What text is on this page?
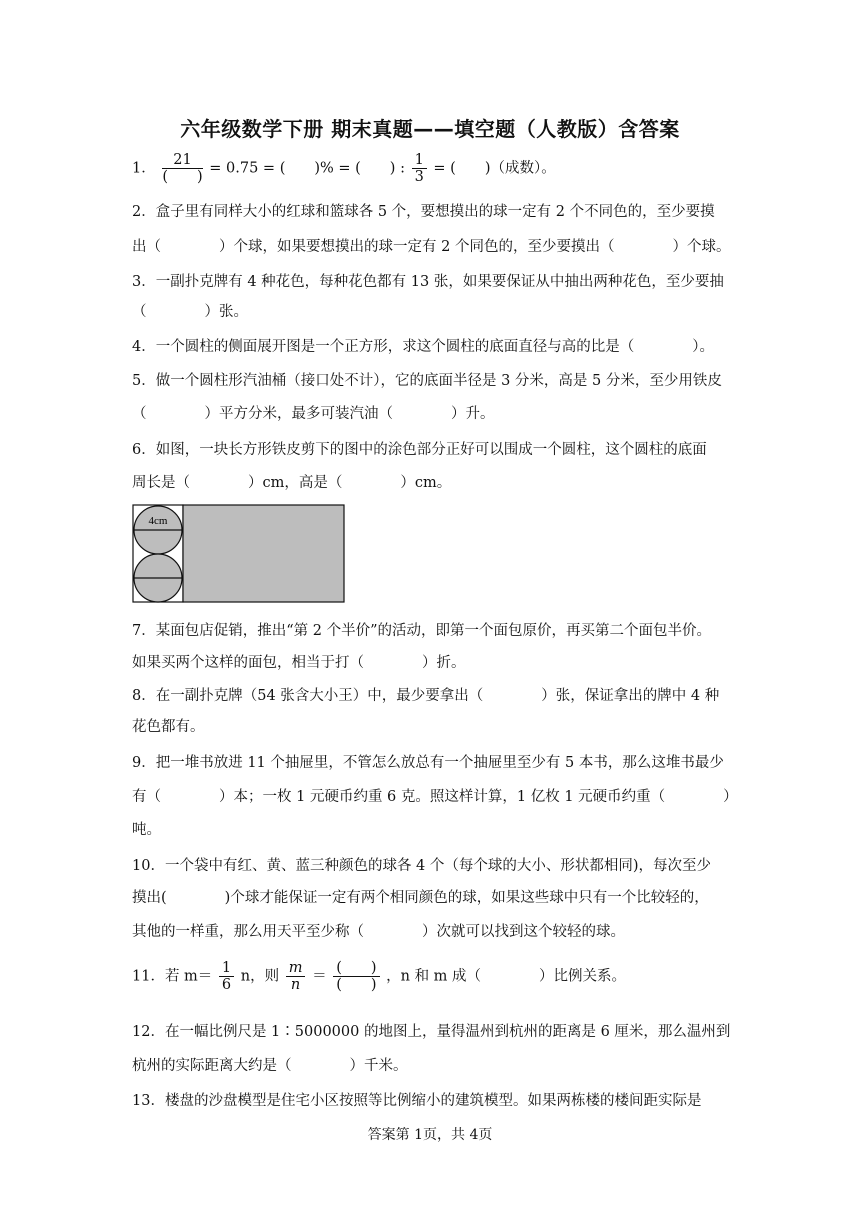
六年级数学下册 期末真题——填空题（人教版）含答案
1． $\frac{21}{( )} = 0.75$ = (　　)% = (　　) : $\frac{1}{3}$ = (　　)（成数）。
2．盒子里有同样大小的红球和篮球各 5 个，要想摸出的球一定有 2 个不同色的，至少要摸
出（　　　　）个球，如果要想摸出的球一定有 2 个同色的，至少要摸出（　　　　）个球。
3．一副扑克牌有 4 种花色，每种花色都有 13 张，如果要保证从中抽出两种花色，至少要抽
（　　　　）张。
4．一个圆柱的侧面展开图是一个正方形，求这个圆柱的底面直径与高的比是（　　　　）。
5．做一个圆柱形汽油桶（接口处不计），它的底面半径是 3 分米，高是 5 分米，至少用铁皮
（　　　　）平方分米，最多可装汽油（　　　　）升。
6．如图，一块长方形铁皮剪下的图中的涂色部分正好可以围成一个圆柱，这个圆柱的底面
周长是（　　　　）cm，高是（　　　　）cm。
4cm
7．某面包店促销，推出“第 2 个半价”的活动，即第一个面包原价，再买第二个面包半价。
如果买两个这样的面包，相当于打（　　　　）折。
8．在一副扑克牌（54 张含大小王）中，最少要拿出（　　　　）张，保证拿出的牌中 4 种
花色都有。
9．把一堆书放进 11 个抽屉里，不管怎么放总有一个抽屉里至少有 5 本书，那么这堆书最少
有（　　　　）本；一枚 1 元硬币约重 6 克。照这样计算，1 亿枚 1 元硬币约重（　　　　）
吨。
10．一个袋中有红、黄、蓝三种颜色的球各 4 个（每个球的大小、形状都相同)，每次至少
摸出(　　　　)个球才能保证一定有两个相同颜色的球，如果这些球中只有一个比较轻的，
其他的一样重，那么用天平至少称（　　　　）次就可以找到这个较轻的球。
11．若 $m= \frac{1}{6}$ n，则 $\frac{m}{n} = \frac{( )}{( )}$ ，n 和 m 成（　　　　）比例关系。
12．在一幅比例尺是 1∶5000000 的地图上，量得温州到杭州的距离是 6 厘米，那么温州到
杭州的实际距离大约是（　　　　）千米。
13．楼盘的沙盘模型是住宅小区按照等比例缩小的建筑模型。如果两栋楼的楼间距实际是
答案第 1页，共 4页
